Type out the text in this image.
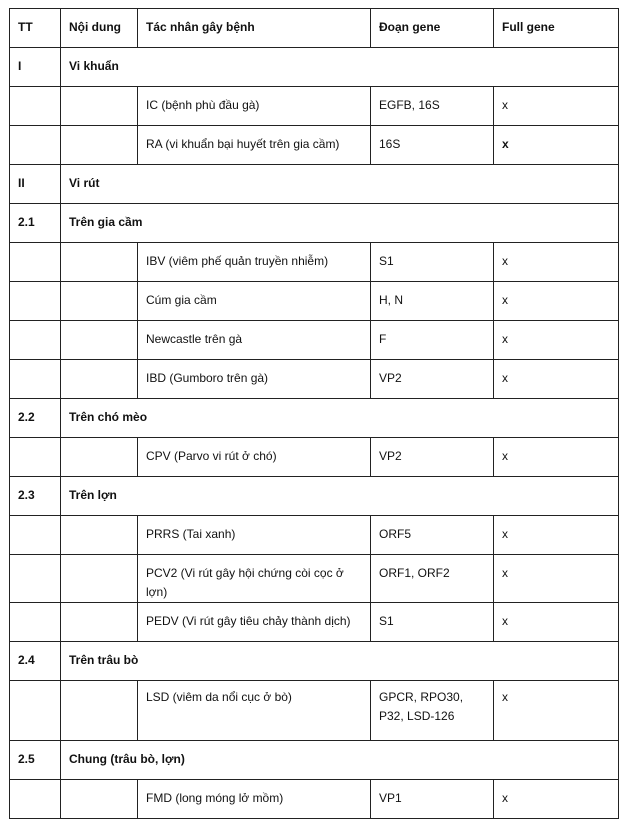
TT	Nội dung	Tác nhân gây bệnh	Đoạn gene	Full gene
I	Vi khuẩn			
		IC (bệnh phù đầu gà)	EGFB, 16S	x
		RA (vi khuẩn bại huyết trên gia cầm)	16S	x
II	Vi rút			
2.1	Trên gia cầm			
		IBV (viêm phế quản truyền nhiễm)	S1	x
		Cúm gia cầm	H, N	x
		Newcastle trên gà	F	x
		IBD (Gumboro trên gà)	VP2	x
2.2	Trên chó mèo			
		CPV (Parvo vi rút ở chó)	VP2	x
2.3	Trên lợn			
		PRRS (Tai xanh)	ORF5	x
		PCV2 (Vi rút gây hội chứng còi cọc ở lợn)	ORF1, ORF2	x
		PEDV (Vi rút gây tiêu chảy thành dịch)	S1	x
2.4	Trên trâu bò			
		LSD (viêm da nổi cục ở bò)	GPCR, RPO30, P32, LSD-126	x
2.5	Chung (trâu bò, lợn)			
		FMD (long móng lở mồm)	VP1	x
